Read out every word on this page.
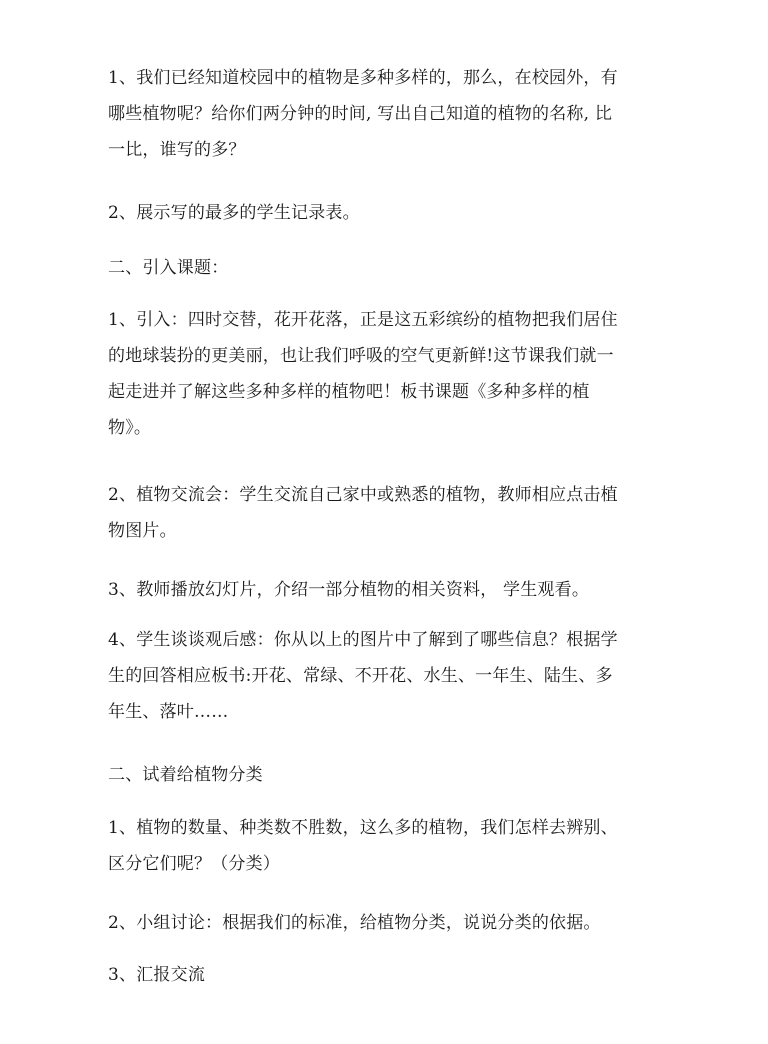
1、我们已经知道校园中的植物是多种多样的，那么，在校园外，有
哪些植物呢？给你们两分钟的时间, 写出自己知道的植物的名称, 比
一比，谁写的多？
2、展示写的最多的学生记录表。
二、引入课题：
1、引入：四时交替，花开花落，正是这五彩缤纷的植物把我们居住
的地球装扮的更美丽，也让我们呼吸的空气更新鲜!这节课我们就一
起走进并了解这些多种多样的植物吧！板书课题《多种多样的植
物》。
2、植物交流会：学生交流自己家中或熟悉的植物，教师相应点击植
物图片。
3、教师播放幻灯片，介绍一部分植物的相关资料， 学生观看。
4、学生谈谈观后感：你从以上的图片中了解到了哪些信息？根据学
生的回答相应板书:开花、常绿、不开花、水生、一年生、陆生、多
年生、落叶……
二、试着给植物分类
1、植物的数量、种类数不胜数，这么多的植物，我们怎样去辨别、
区分它们呢？（分类）
2、小组讨论：根据我们的标准，给植物分类，说说分类的依据。
3、汇报交流
